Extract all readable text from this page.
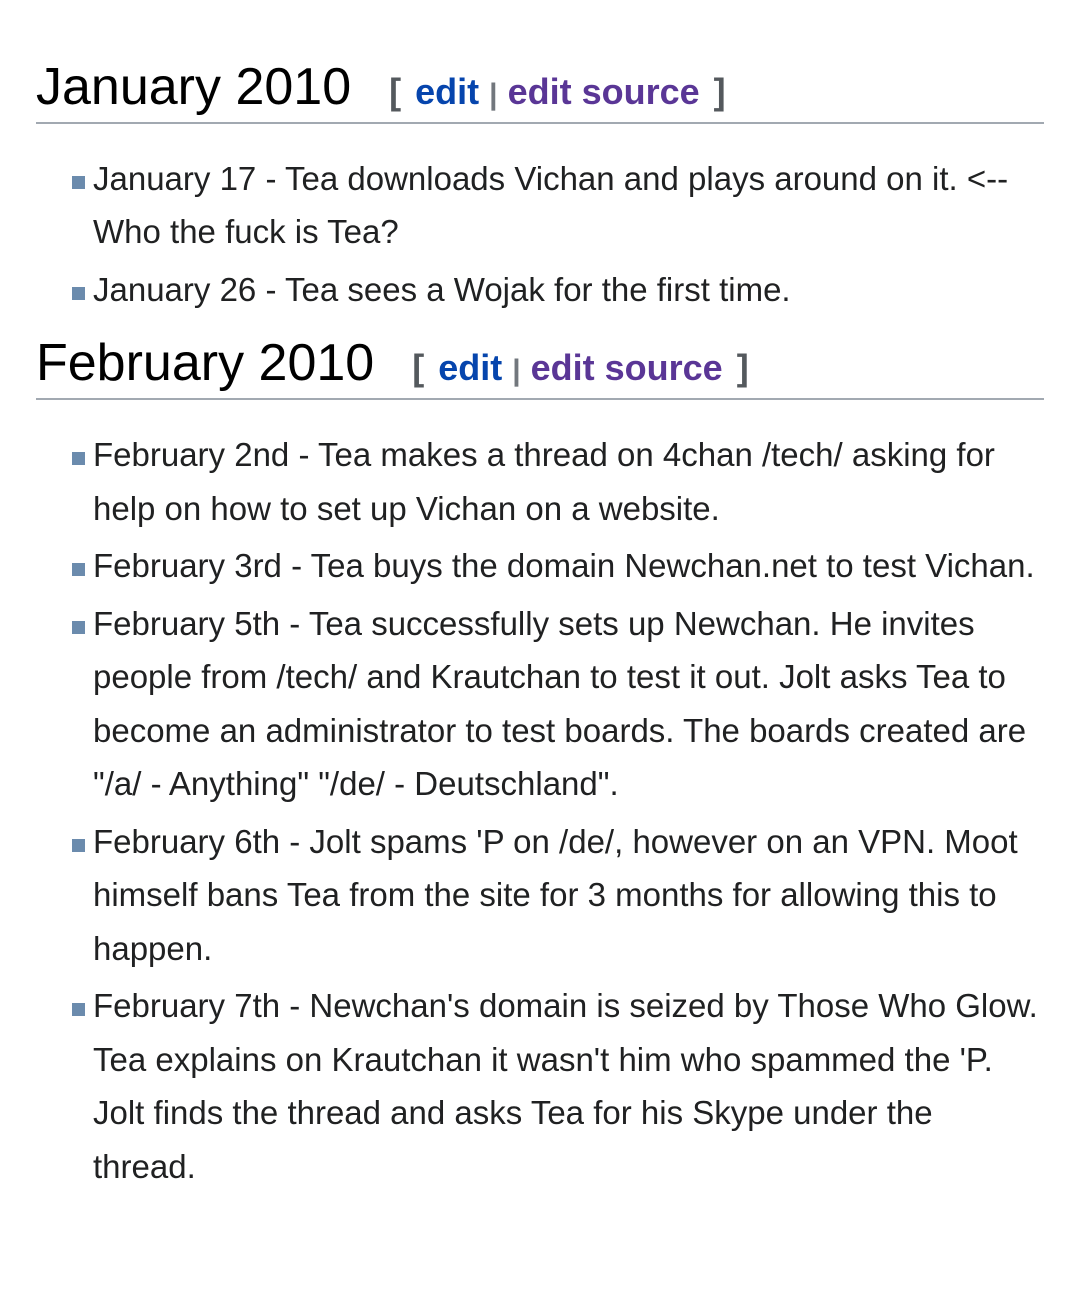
January 2010 [ edit | edit source ]
January 17 - Tea downloads Vichan and plays around on it. <-- Who the fuck is Tea?
January 26 - Tea sees a Wojak for the first time.
February 2010 [ edit | edit source ]
February 2nd - Tea makes a thread on 4chan /tech/ asking for help on how to set up Vichan on a website.
February 3rd - Tea buys the domain Newchan.net to test Vichan.
February 5th - Tea successfully sets up Newchan. He invites people from /tech/ and Krautchan to test it out. Jolt asks Tea to become an administrator to test boards. The boards created are "/a/ - Anything" "/de/ - Deutschland".
February 6th - Jolt spams 'P on /de/, however on an VPN. Moot himself bans Tea from the site for 3 months for allowing this to happen.
February 7th - Newchan's domain is seized by Those Who Glow. Tea explains on Krautchan it wasn't him who spammed the 'P. Jolt finds the thread and asks Tea for his Skype under the thread.
